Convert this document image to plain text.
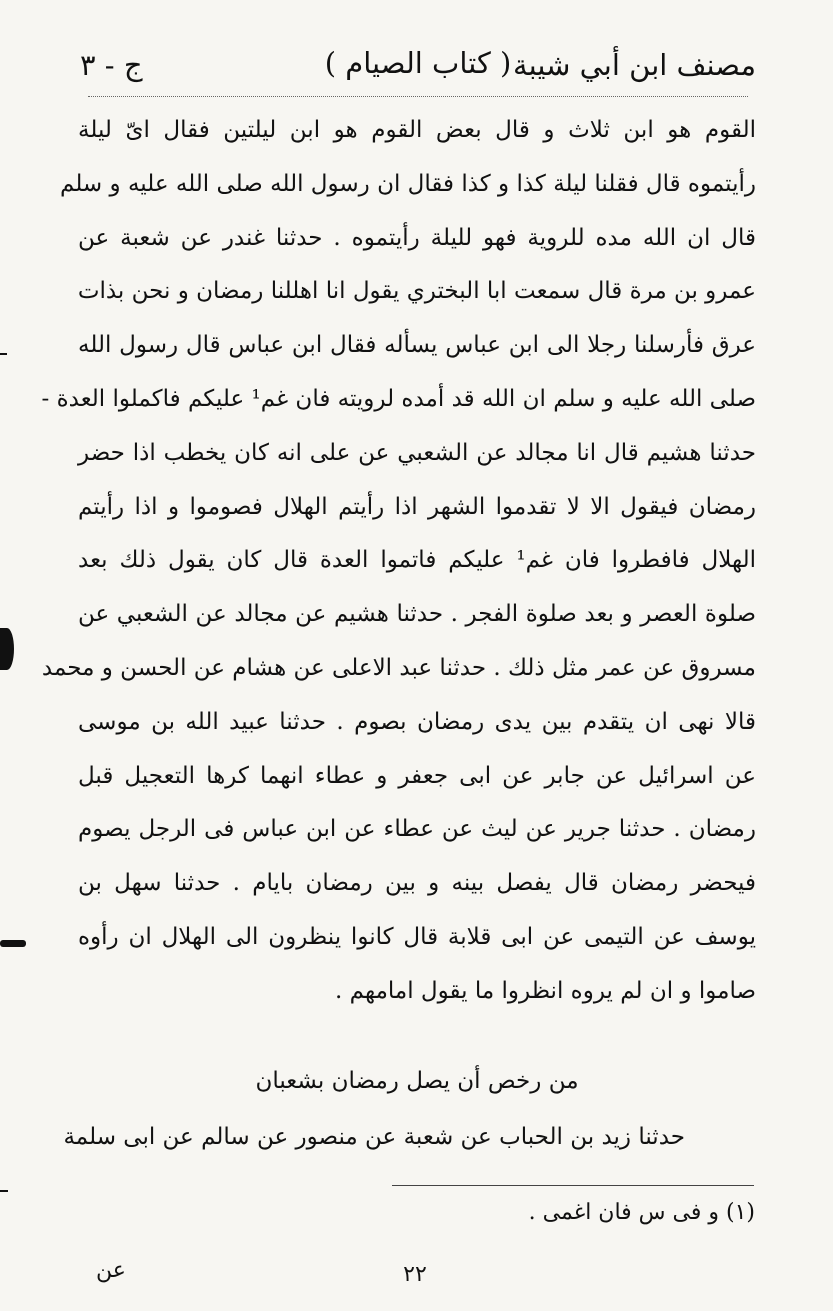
مصنف ابن أبي شيبة
( كتاب الصيام )
ج - ٣
القوم هو ابن ثلاث و قال بعض القوم هو ابن ليلتين فقال اىّ ليلة
رأيتموه قال فقلنا ليلة كذا و كذا فقال ان رسول الله صلى الله عليه و سلم
قال ان الله مده للروية فهو لليلة رأيتموه . حدثنا غندر عن شعبة عن
عمرو بن مرة قال سمعت ابا البختري يقول انا اهللنا رمضان و نحن بذات
عرق فأرسلنا رجلا الى ابن عباس يسأله فقال ابن عباس قال رسول الله
صلى الله عليه و سلم ان الله قد أمده لرويته فان غم¹ عليكم فاكملوا العدة -
حدثنا هشيم قال انا مجالد عن الشعبي عن على انه كان يخطب اذا حضر
رمضان فيقول الا لا تقدموا الشهر اذا رأيتم الهلال فصوموا و اذا رأيتم
الهلال فافطروا فان غم¹ عليكم فاتموا العدة قال كان يقول ذلك بعد
صلوة العصر و بعد صلوة الفجر . حدثنا هشيم عن مجالد عن الشعبي عن
مسروق عن عمر مثل ذلك . حدثنا عبد الاعلى عن هشام عن الحسن و محمد
قالا نهى ان يتقدم بين يدى رمضان بصوم . حدثنا عبيد الله بن موسى
عن اسرائيل عن جابر عن ابى جعفر و عطاء انهما كرها التعجيل قبل
رمضان . حدثنا جرير عن ليث عن عطاء عن ابن عباس فى الرجل يصوم
فيحضر رمضان قال يفصل بينه و بين رمضان بايام . حدثنا سهل بن
يوسف عن التيمى عن ابى قلابة قال كانوا ينظرون الى الهلال ان رأوه
صاموا و ان لم يروه انظروا ما يقول امامهم .
من رخص أن يصل رمضان بشعبان
حدثنا زيد بن الحباب عن شعبة عن منصور عن سالم عن ابى سلمة
(١) و فى س فان اغمى .
٢٢
عن
